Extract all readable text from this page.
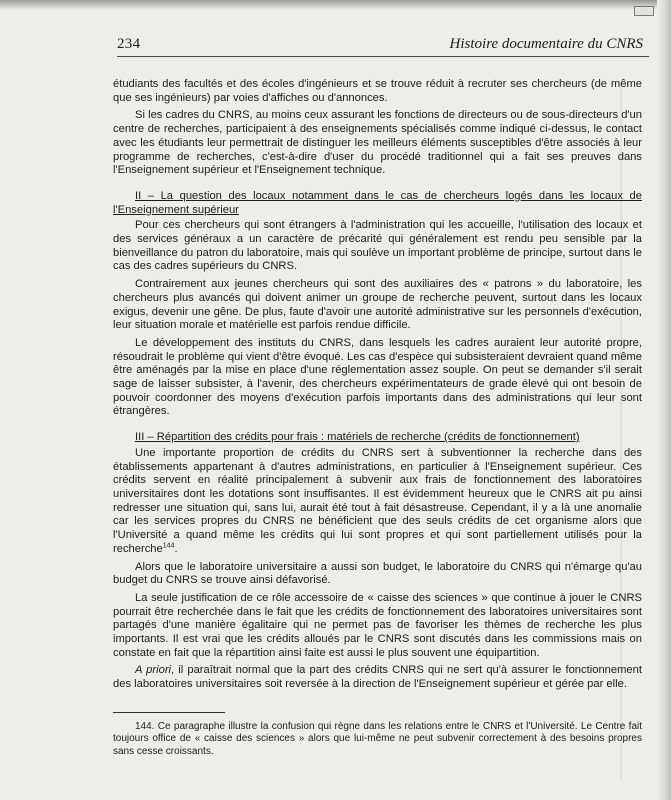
234	Histoire documentaire du CNRS

étudiants des facultés et des écoles d'ingénieurs et se trouve réduit à recruter ses chercheurs (de même que ses ingénieurs) par voies d'affiches ou d'annonces.

Si les cadres du CNRS, au moins ceux assurant les fonctions de directeurs ou de sous-directeurs d'un centre de recherches, participaient à des enseignements spécialisés comme indiqué ci-dessus, le contact avec les étudiants leur permettrait de distinguer les meilleurs éléments susceptibles d'être associés à leur programme de recherches, c'est-à-dire d'user du procédé traditionnel qui a fait ses preuves dans l'Enseignement supérieur et l'Enseignement technique.

II – La question des locaux notamment dans le cas de chercheurs logés dans les locaux de l'Enseignement supérieur

Pour ces chercheurs qui sont étrangers à l'administration qui les accueille, l'utilisation des locaux et des services généraux a un caractère de précarité qui généralement est rendu peu sensible par la bienveillance du patron du laboratoire, mais qui soulève un important problème de principe, surtout dans le cas des cadres supérieurs du CNRS.

Contrairement aux jeunes chercheurs qui sont des auxiliaires des « patrons » du laboratoire, les chercheurs plus avancés qui doivent animer un groupe de recherche peuvent, surtout dans les locaux exigus, devenir une gêne. De plus, faute d'avoir une autorité administrative sur les personnels d'exécution, leur situation morale et matérielle est parfois rendue difficile.

Le développement des instituts du CNRS, dans lesquels les cadres auraient leur autorité propre, résoudrait le problème qui vient d'être évoqué. Les cas d'espèce qui subsisteraient devraient quand même être aménagés par la mise en place d'une réglementation assez souple. On peut se demander s'il serait sage de laisser subsister, à l'avenir, des chercheurs expérimentateurs de grade élevé qui ont besoin de pouvoir coordonner des moyens d'exécution parfois importants dans des administrations qui leur sont étrangères.

III – Répartition des crédits pour frais : matériels de recherche (crédits de fonctionnement)

Une importante proportion de crédits du CNRS sert à subventionner la recherche dans des établissements appartenant à d'autres administrations, en particulier à l'Enseignement supérieur. Ces crédits servent en réalité principalement à subvenir aux frais de fonctionnement des laboratoires universitaires dont les dotations sont insuffisantes. Il est évidemment heureux que le CNRS ait pu ainsi redresser une situation qui, sans lui, aurait été tout à fait désastreuse. Cependant, il y a là une anomalie car les services propres du CNRS ne bénéficient que des seuls crédits de cet organisme alors que l'Université a quand même les crédits qui lui sont propres et qui sont partiellement utilisés pour la recherche$^{144}$.

Alors que le laboratoire universitaire a aussi son budget, le laboratoire du CNRS qui n'émarge qu'au budget du CNRS se trouve ainsi défavorisé.

La seule justification de ce rôle accessoire de « caisse des sciences » que continue à jouer le CNRS pourrait être recherchée dans le fait que les crédits de fonctionnement des laboratoires universitaires sont partagés d'une manière égalitaire qui ne permet pas de favoriser les thèmes de recherche les plus importants. Il est vrai que les crédits alloués par le CNRS sont discutés dans les commissions mais on constate en fait que la répartition ainsi faite est aussi le plus souvent une équipartition.

A priori, il paraîtrait normal que la part des crédits CNRS qui ne sert qu'à assurer le fonctionnement des laboratoires universitaires soit reversée à la direction de l'Enseignement supérieur et gérée par elle.

144. Ce paragraphe illustre la confusion qui règne dans les relations entre le CNRS et l'Université. Le Centre fait toujours office de « caisse des sciences » alors que lui-même ne peut subvenir correctement à des besoins propres sans cesse croissants.
